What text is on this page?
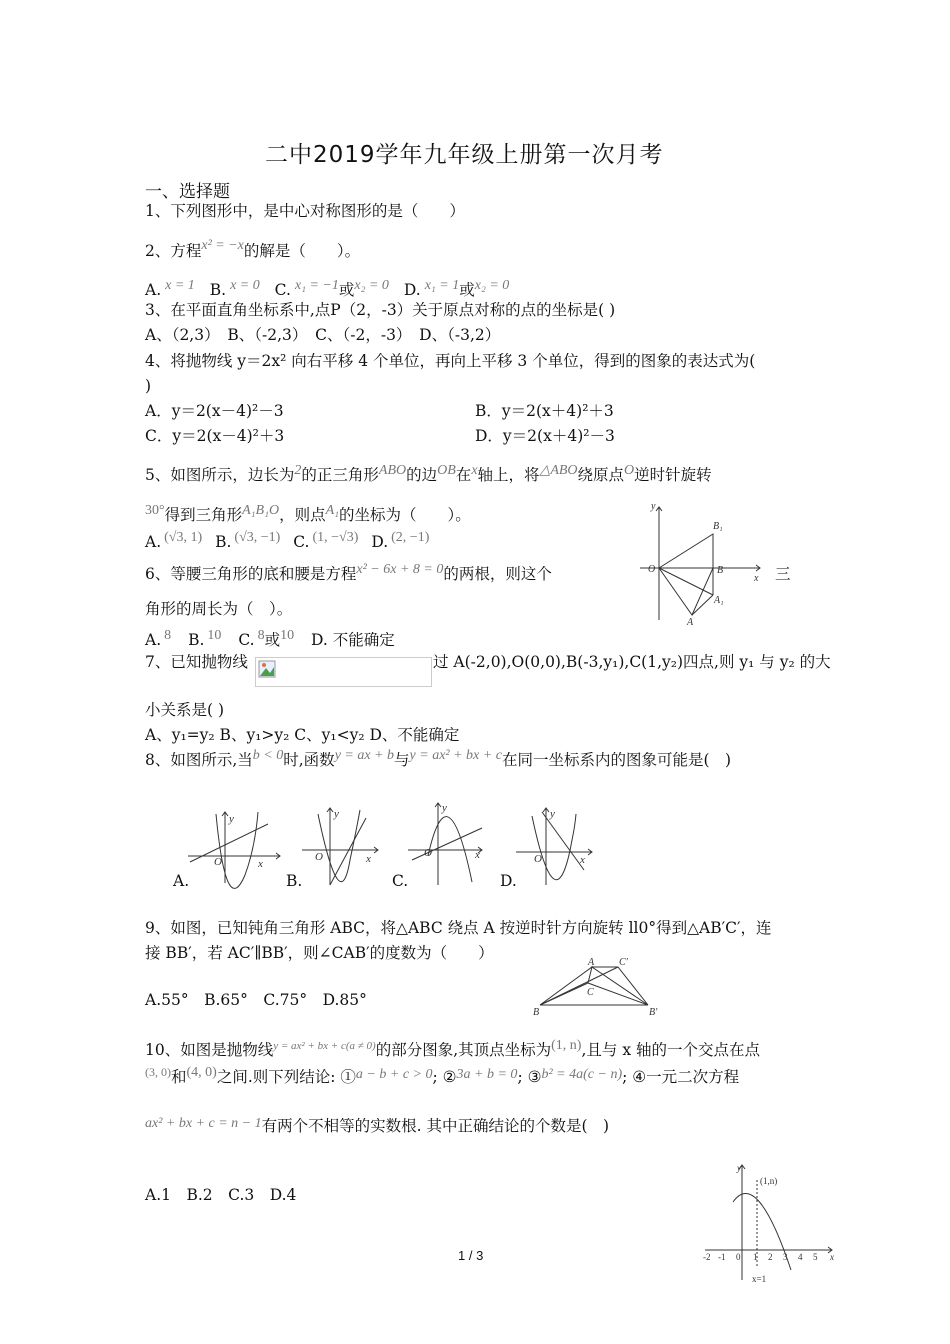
二中2019学年九年级上册第一次月考
一、选择题
1、下列图形中，是中心对称图形的是（　　）
2、方程x² = −x的解是（　　）。
A. x = 1 B. x = 0 C. x₁ = −1或x₂ = 0 D. x₁ = 1或x₂ = 0
3、在平面直角坐标系中,点P（2，-3）关于原点对称的点的坐标是( )
A、（2,3）　B、（-2,3）　C、（-2，-3）　D、（-3,2）
4、将抛物线 y＝2x² 向右平移 4 个单位，再向上平移 3 个单位，得到的图象的表达式为(
)
A．y＝2(x－4)²－3	B．y＝2(x＋4)²＋3
C．y＝2(x－4)²＋3	D．y＝2(x＋4)²－3
5、如图所示，边长为2的正三角形ABO的边OB在x轴上，将△ABO绕原点O逆时针旋转
30°得到三角形A₁B₁O，则点A₁的坐标为（　　）。
A. (√3, 1) B. (√3, −1) C. (1, −√3) D. (2, −1)
y
x
O	B
B₁
A₁
A
6、等腰三角形的底和腰是方程x² − 6x + 8 = 0的两根，则这个	三
角形的周长为（　）。
A. 8 B. 10 C. 8或10 D. 不能确定
7、已知抛物线	过 A(-2,0),O(0,0),B(-3,y₁),C(1,y₂)四点,则 y₁ 与 y₂ 的大
小关系是( )
A、y₁=y₂ B、y₁>y₂ C、y₁<y₂ D、不能确定
8、如图所示,当b < 0时,函数y = ax + b与y = ax² + bx + c在同一坐标系内的图象可能是(　)
y
x
O
y
x
O
y
x
O
y
x
O
A.	B.	C.	D.
9、如图，已知钝角三角形 ABC，将△ABC 绕点 A 按逆时针方向旋转 ll0°得到△AB′C′，连
接 BB′，若 AC′∥BB′，则∠CAB′的度数为（　　）
A.55°　B.65°　C.75°　D.85°
A
B
C
C′
B′
10、如图是抛物线$^{y = ax^2 + bx + c(a \ne 0)}$的部分图象,其顶点坐标为(1, n),且与 x 轴的一个交点在点
$^{(3, 0)}$和(4, 0)之间.则下列结论: ①a − b + c > 0; ②3a + b = 0; ③b² = 4a(c − n); ④一元二次方程
ax² + bx + c = n − 1有两个不相等的实数根. 其中正确结论的个数是(　)
A.1　B.2　C.3　D.4
y
x
(1,n)
x=1
-2 -1 0 1 2 3 4 5
1 / 3
